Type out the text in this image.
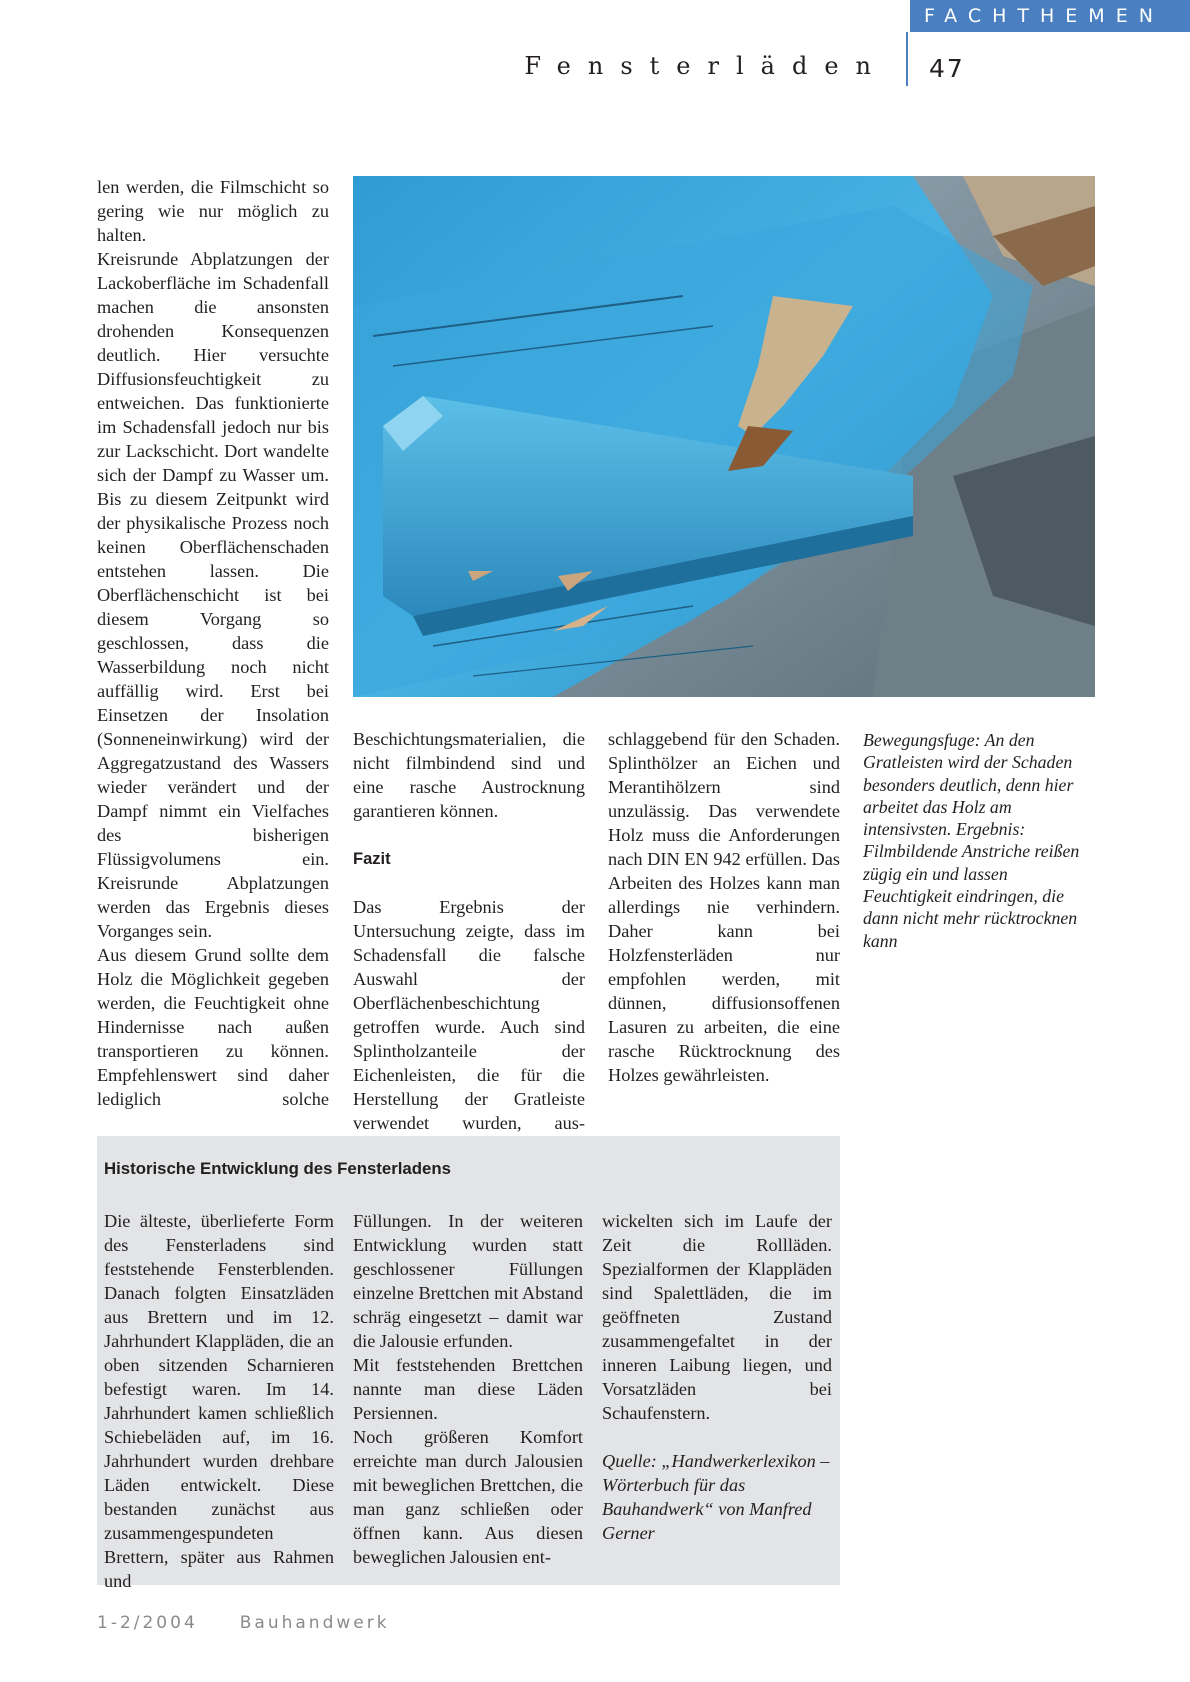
FACHTHEMEN
Fensterläden 47

len werden, die Filmschicht so gering wie nur möglich zu halten.

Kreisrunde Abplatzungen der Lackoberfläche im Schadenfall machen die ansonsten drohenden Konsequenzen deutlich. Hier versuchte Diffusionsfeuchtigkeit zu entweichen. Das funktionierte im Schadensfall jedoch nur bis zur Lackschicht. Dort wandelte sich der Dampf zu Wasser um. Bis zu diesem Zeitpunkt wird der physikalische Prozess noch keinen Oberflächenschaden entstehen lassen. Die Oberflächenschicht ist bei diesem Vorgang so geschlossen, dass die Wasserbildung noch nicht auffällig wird. Erst bei Einsetzen der Insolation (Sonneneinwirkung) wird der Aggregatzustand des Wassers wieder verändert und der Dampf nimmt ein Vielfaches des bisherigen Flüssigvolumens ein. Kreisrunde Abplatzungen werden das Ergebnis dieses Vorganges sein.

Aus diesem Grund sollte dem Holz die Möglichkeit gegeben werden, die Feuchtigkeit ohne Hindernisse nach außen transportieren zu können. Empfehlenswert sind daher lediglich solche

Beschichtungsmaterialien, die nicht filmbindend sind und eine rasche Austrocknung garantieren können.

Fazit

Das Ergebnis der Untersuchung zeigte, dass im Schadensfall die falsche Auswahl der Oberflächenbeschichtung getroffen wurde. Auch sind Splintholzanteile der Eichenleisten, die für die Herstellung der Gratleiste verwendet wurden, aus-

schlaggebend für den Schaden. Splinthölzer an Eichen und Merantihölzern sind unzulässig. Das verwendete Holz muss die Anforderungen nach DIN EN 942 erfüllen. Das Arbeiten des Holzes kann man allerdings nie verhindern. Daher kann bei Holzfensterläden nur empfohlen werden, mit dünnen, diffusionsoffenen Lasuren zu arbeiten, die eine rasche Rücktrocknung des Holzes gewährleisten.

Bewegungsfuge: An den Gratleisten wird der Schaden besonders deutlich, denn hier arbeitet das Holz am intensivsten. Ergebnis: Filmbildende Anstriche reißen zügig ein und lassen Feuchtigkeit eindringen, die dann nicht mehr rücktrocknen kann
Historische Entwicklung des Fensterladens

Die älteste, überlieferte Form des Fensterladens sind feststehende Fensterblenden. Danach folgten Einsatzläden aus Brettern und im 12. Jahrhundert Klappläden, die an oben sitzenden Scharnieren befestigt waren. Im 14. Jahrhundert kamen schließlich Schiebeläden auf, im 16. Jahrhundert wurden drehbare Läden entwickelt. Diese bestanden zunächst aus zusammengespundeten Brettern, später aus Rahmen und

Füllungen. In der weiteren Entwicklung wurden statt geschlossener Füllungen einzelne Brettchen mit Abstand schräg eingesetzt – damit war die Jalousie erfunden.

Mit feststehenden Brettchen nannte man diese Läden Persiennen.

Noch größeren Komfort erreichte man durch Jalousien mit beweglichen Brettchen, die man ganz schließen oder öffnen kann. Aus diesen beweglichen Jalousien ent-

wickelten sich im Laufe der Zeit die Rollläden. Spezialformen der Klappläden sind Spalettläden, die im geöffneten Zustand zusammengefaltet in der inneren Laibung liegen, und Vorsatzläden bei Schaufenstern.

Quelle: „Handwerkerlexikon – Wörterbuch für das Bauhandwerk“ von Manfred Gerner

1-2/2004 Bauhandwerk
